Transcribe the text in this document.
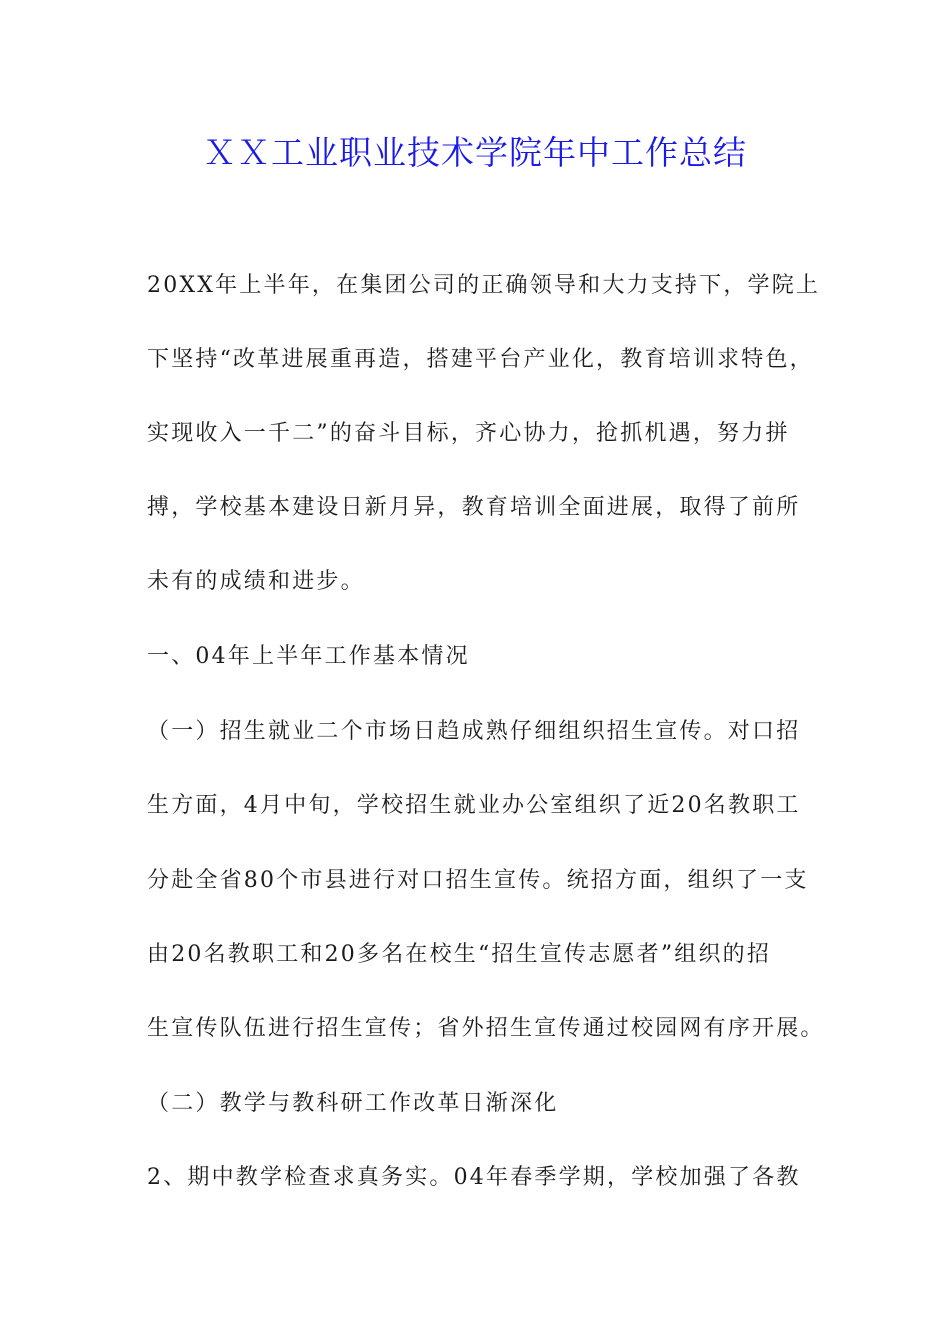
ＸＸ工业职业技术学院年中工作总结
20XX年上半年，在集团公司的正确领导和大力支持下，学院上
下坚持“改革进展重再造，搭建平台产业化，教育培训求特色，
实现收入一千二”的奋斗目标，齐心协力，抢抓机遇，努力拼
搏，学校基本建设日新月异，教育培训全面进展，取得了前所
未有的成绩和进步。
一、04年上半年工作基本情况
（一）招生就业二个市场日趋成熟仔细组织招生宣传。对口招
生方面，4月中旬，学校招生就业办公室组织了近20名教职工
分赴全省80个市县进行对口招生宣传。统招方面，组织了一支
由20名教职工和20多名在校生“招生宣传志愿者”组织的招
生宣传队伍进行招生宣传；省外招生宣传通过校园网有序开展。
（二）教学与教科研工作改革日渐深化
2、期中教学检查求真务实。04年春季学期，学校加强了各教
